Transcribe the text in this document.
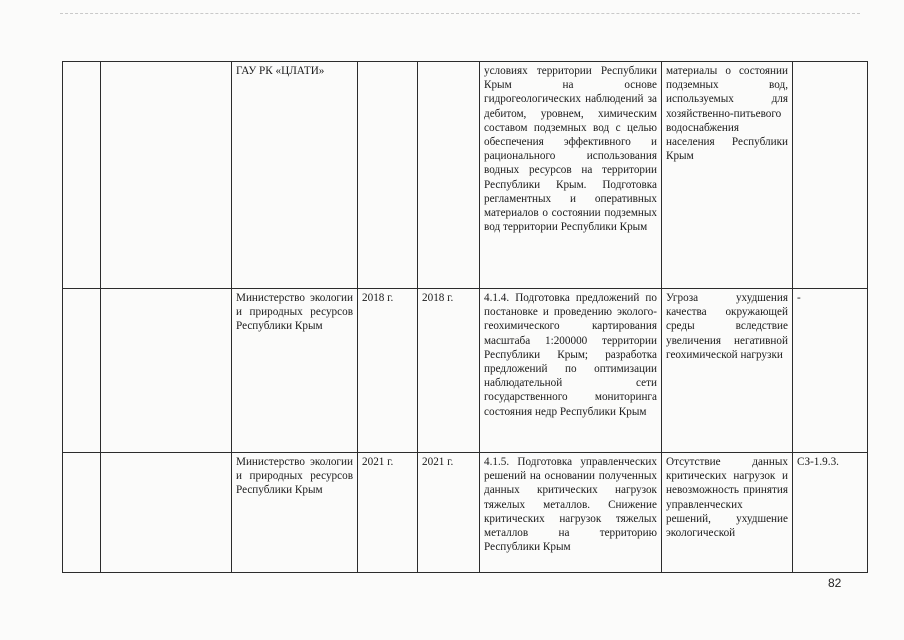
		ГАУ РК «ЦЛАТИ»			условиях территории Республики Крым на основе гидрогеологических наблюдений за дебитом, уровнем, химическим составом подземных вод с целью обеспечения эффективного и рационального использования водных ресурсов на территории Республики Крым. Подготовка регламентных и оперативных материалов о состоянии подземных вод территории Республики Крым	материалы о состоянии подземных вод, используемых для хозяйственно-питьевого водоснабжения населения Республики Крым	
		Министерство экологии и природных ресурсов Республики Крым	2018 г.	2018 г.	4.1.4. Подготовка предложений по постановке и проведению эколого-геохимического картирования масштаба 1:200000 территории Республики Крым; разработка предложений по оптимизации наблюдательной сети государственного мониторинга состояния недр Республики Крым	Угроза ухудшения качества окружающей среды вследствие увеличения негативной геохимической нагрузки	-
		Министерство экологии и природных ресурсов Республики Крым	2021 г.	2021 г.	4.1.5. Подготовка управленческих решений на основании полученных данных критических нагрузок тяжелых металлов. Снижение критических нагрузок тяжелых металлов на территорию Республики Крым	Отсутствие данных критических нагрузок и невозможность принятия управленческих решений, ухудшение экологической	СЗ-1.9.3.
82
